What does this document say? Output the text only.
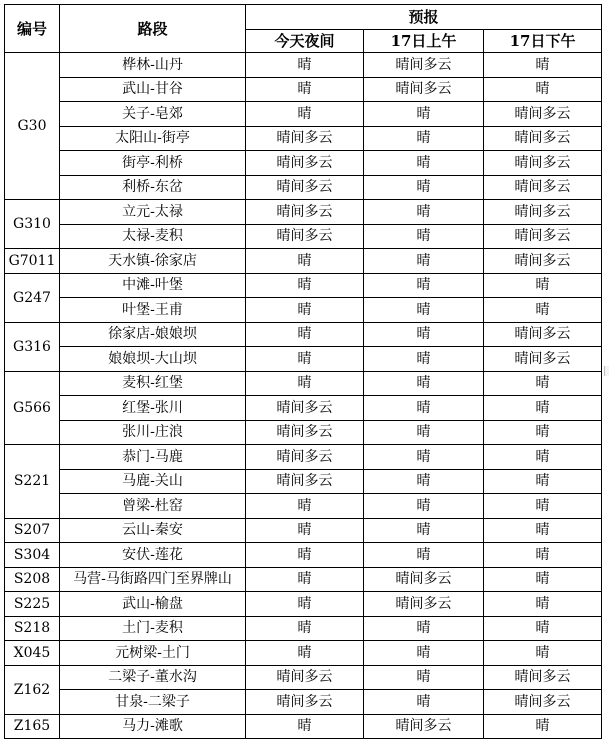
编号	路段	预报		
		今天夜间	17日上午	17日下午
G30	桦林-山丹	晴	晴间多云	晴
	武山-甘谷	晴	晴间多云	晴
	关子-皂郊	晴	晴	晴间多云
	太阳山-街亭	晴间多云	晴	晴间多云
	街亭-利桥	晴间多云	晴	晴间多云
	利桥-东岔	晴间多云	晴	晴间多云
G310	立元-太禄	晴间多云	晴	晴间多云
	太禄-麦积	晴间多云	晴	晴间多云
G7011	天水镇-徐家店	晴	晴	晴间多云
G247	中滩-叶堡	晴	晴	晴
	叶堡-王甫	晴	晴	晴
G316	徐家店-娘娘坝	晴	晴	晴间多云
	娘娘坝-大山坝	晴	晴	晴间多云
G566	麦积-红堡	晴	晴	晴
	红堡-张川	晴间多云	晴	晴
	张川-庄浪	晴间多云	晴	晴
S221	恭门-马鹿	晴间多云	晴	晴
	马鹿-关山	晴间多云	晴	晴
	曾梁-杜窑	晴	晴	晴
S207	云山-秦安	晴	晴	晴
S304	安伏-莲花	晴	晴	晴
S208	马营-马街路四门至界牌山	晴	晴间多云	晴
S225	武山-榆盘	晴	晴间多云	晴
S218	土门-麦积	晴	晴	晴
X045	元树梁-土门	晴	晴	晴
Z162	二梁子-董水沟	晴间多云	晴	晴间多云
	甘泉-二梁子	晴间多云	晴	晴间多云
Z165	马力-滩歌	晴	晴间多云	晴
